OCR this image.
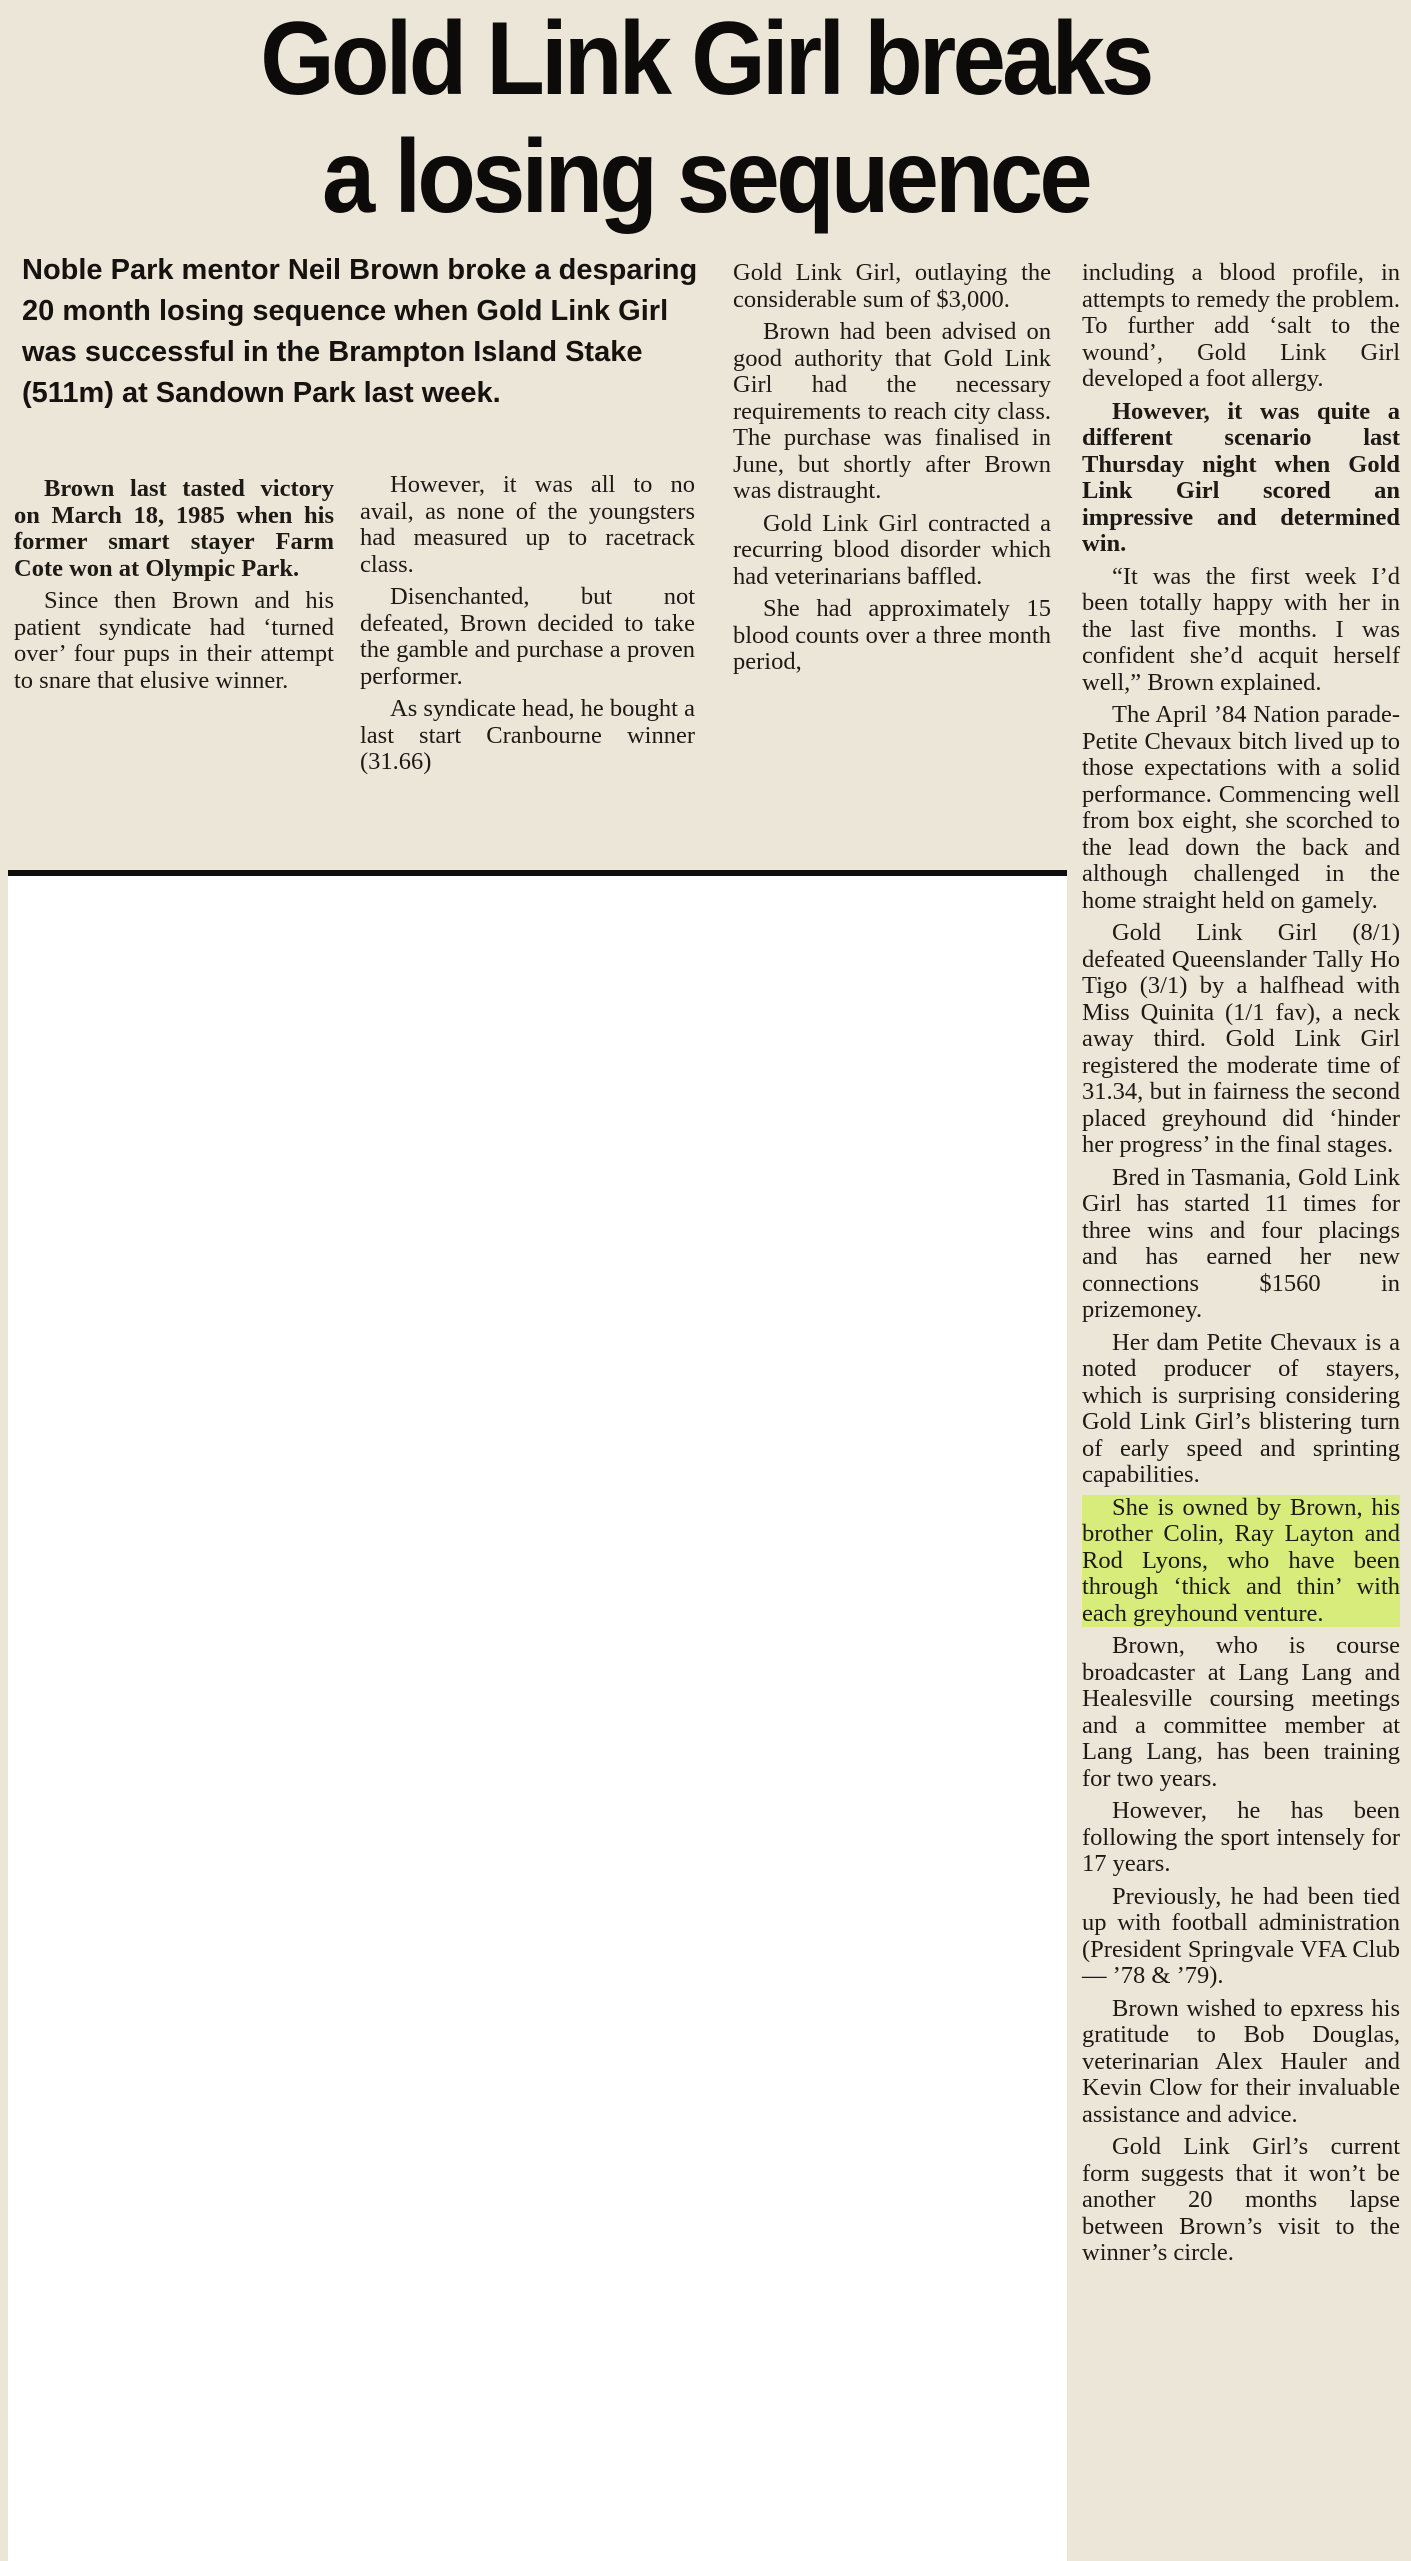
Gold Link Girl breaks
a losing sequence
Noble Park mentor Neil Brown broke a desparing 20 month losing sequence when Gold Link Girl was successful in the Brampton Island Stake (511m) at Sandown Park last week.

Brown last tasted victory on March 18, 1985 when his former smart stayer Farm Cote won at Olympic Park.

Since then Brown and his patient syndicate had ‘turned over’ four pups in their attempt to snare that elusive winner.

However, it was all to no avail, as none of the youngsters had measured up to racetrack class.

Disenchanted, but not defeated, Brown decided to take the gamble and purchase a proven performer.

As syndicate head, he bought a last start Cranbourne winner (31.66)

Gold Link Girl, outlaying the considerable sum of $3,000.

Brown had been advised on good authority that Gold Link Girl had the necessary requirements to reach city class. The purchase was finalised in June, but shortly after Brown was distraught.

Gold Link Girl contracted a recurring blood disorder which had veterinarians baffled.

She had approximately 15 blood counts over a three month period,

including a blood profile, in attempts to remedy the problem. To further add ‘salt to the wound’, Gold Link Girl developed a foot allergy.

However, it was quite a different scenario last Thursday night when Gold Link Girl scored an impressive and determined win.

“It was the first week I’d been totally happy with her in the last five months. I was confident she’d acquit herself well,” Brown explained.

The April ’84 Nation parade-Petite Chevaux bitch lived up to those expectations with a solid performance. Commencing well from box eight, she scorched to the lead down the back and although challenged in the home straight held on gamely.

Gold Link Girl (8/1) defeated Queenslander Tally Ho Tigo (3/1) by a halfhead with Miss Quinita (1/1 fav), a neck away third. Gold Link Girl registered the moderate time of 31.34, but in fairness the second placed greyhound did ‘hinder her progress’ in the final stages.

Bred in Tasmania, Gold Link Girl has started 11 times for three wins and four placings and has earned her new connections $1560 in prizemoney.

Her dam Petite Chevaux is a noted producer of stayers, which is surprising considering Gold Link Girl’s blistering turn of early speed and sprinting capabilities.

She is owned by Brown, his brother Colin, Ray Layton and Rod Lyons, who have been through ‘thick and thin’ with each greyhound venture.

Brown, who is course broadcaster at Lang Lang and Healesville coursing meetings and a committee member at Lang Lang, has been training for two years.

However, he has been following the sport intensely for 17 years.

Previously, he had been tied up with football administration (President Springvale VFA Club — ’78 & ’79).

Brown wished to epxress his gratitude to Bob Douglas, veterinarian Alex Hauler and Kevin Clow for their invaluable assistance and advice.

Gold Link Girl’s current form suggests that it won’t be another 20 months lapse between Brown’s visit to the winner’s circle.
